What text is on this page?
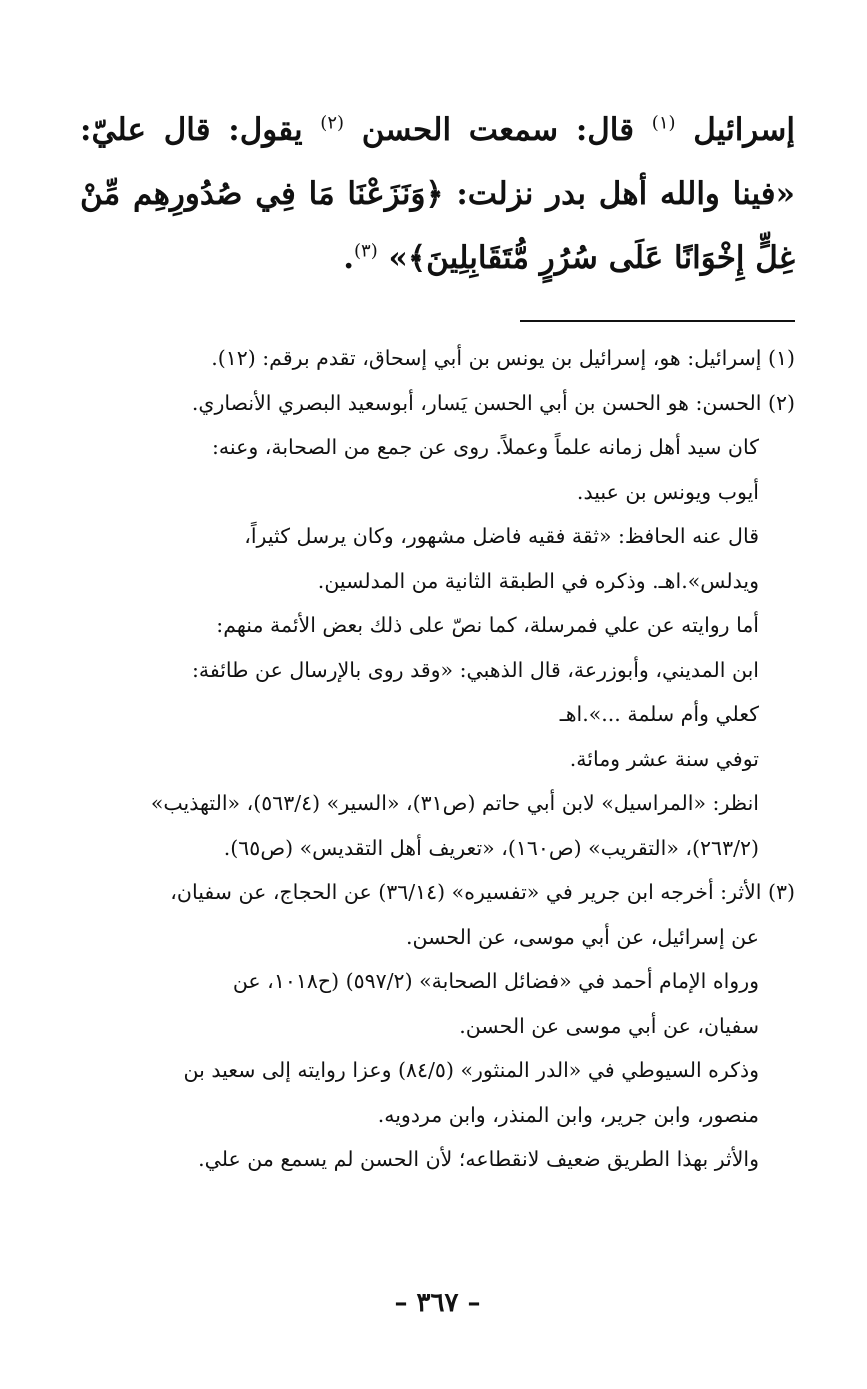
إسرائيل $^{(١)}$ قال: سمعت الحسن $^{(٢)}$ يقول: قال عليّ: «فينا والله أهل بدر نزلت: ﴿وَنَزَعْنَا مَا فِي صُدُورِهِم مِّنْ غِلٍّ إِخْوَانًا عَلَى سُرُرٍ مُّتَقَابِلِينَ﴾» $^{(٣)}$.

(١) إسرائيل: هو، إسرائيل بن يونس بن أبي إسحاق، تقدم برقم: (١٢).

(٢) الحسن: هو الحسن بن أبي الحسن يَسار، أبوسعيد البصري الأنصاري.

كان سيد أهل زمانه علماً وعملاً. روى عن جمع من الصحابة، وعنه:

أيوب ويونس بن عبيد.

قال عنه الحافظ: «ثقة فقيه فاضل مشهور، وكان يرسل كثيراً،

ويدلس».اهـ. وذكره في الطبقة الثانية من المدلسين.

أما روايته عن علي فمرسلة، كما نصّ على ذلك بعض الأئمة منهم:

ابن المديني، وأبوزرعة، قال الذهبي: «وقد روى بالإرسال عن طائفة:

كعلي وأم سلمة ...».اهـ

توفي سنة عشر ومائة.

انظر: «المراسيل» لابن أبي حاتم (ص٣١)، «السير» (٥٦٣/٤)، «التهذيب»

(٢٦٣/٢)، «التقريب» (ص١٦٠)، «تعريف أهل التقديس» (ص٦٥).

(٣) الأثر: أخرجه ابن جرير في «تفسيره» (٣٦/١٤) عن الحجاج، عن سفيان،

عن إسرائيل، عن أبي موسى، عن الحسن.

ورواه الإمام أحمد في «فضائل الصحابة» (٥٩٧/٢) (ح١٠١٨، عن

سفيان، عن أبي موسى عن الحسن.

وذكره السيوطي في «الدر المنثور» (٨٤/٥) وعزا روايته إلى سعيد بن

منصور، وابن جرير، وابن المنذر، وابن مردويه.

والأثر بهذا الطريق ضعيف لانقطاعه؛ لأن الحسن لم يسمع من علي.

– ٣٦٧ –
